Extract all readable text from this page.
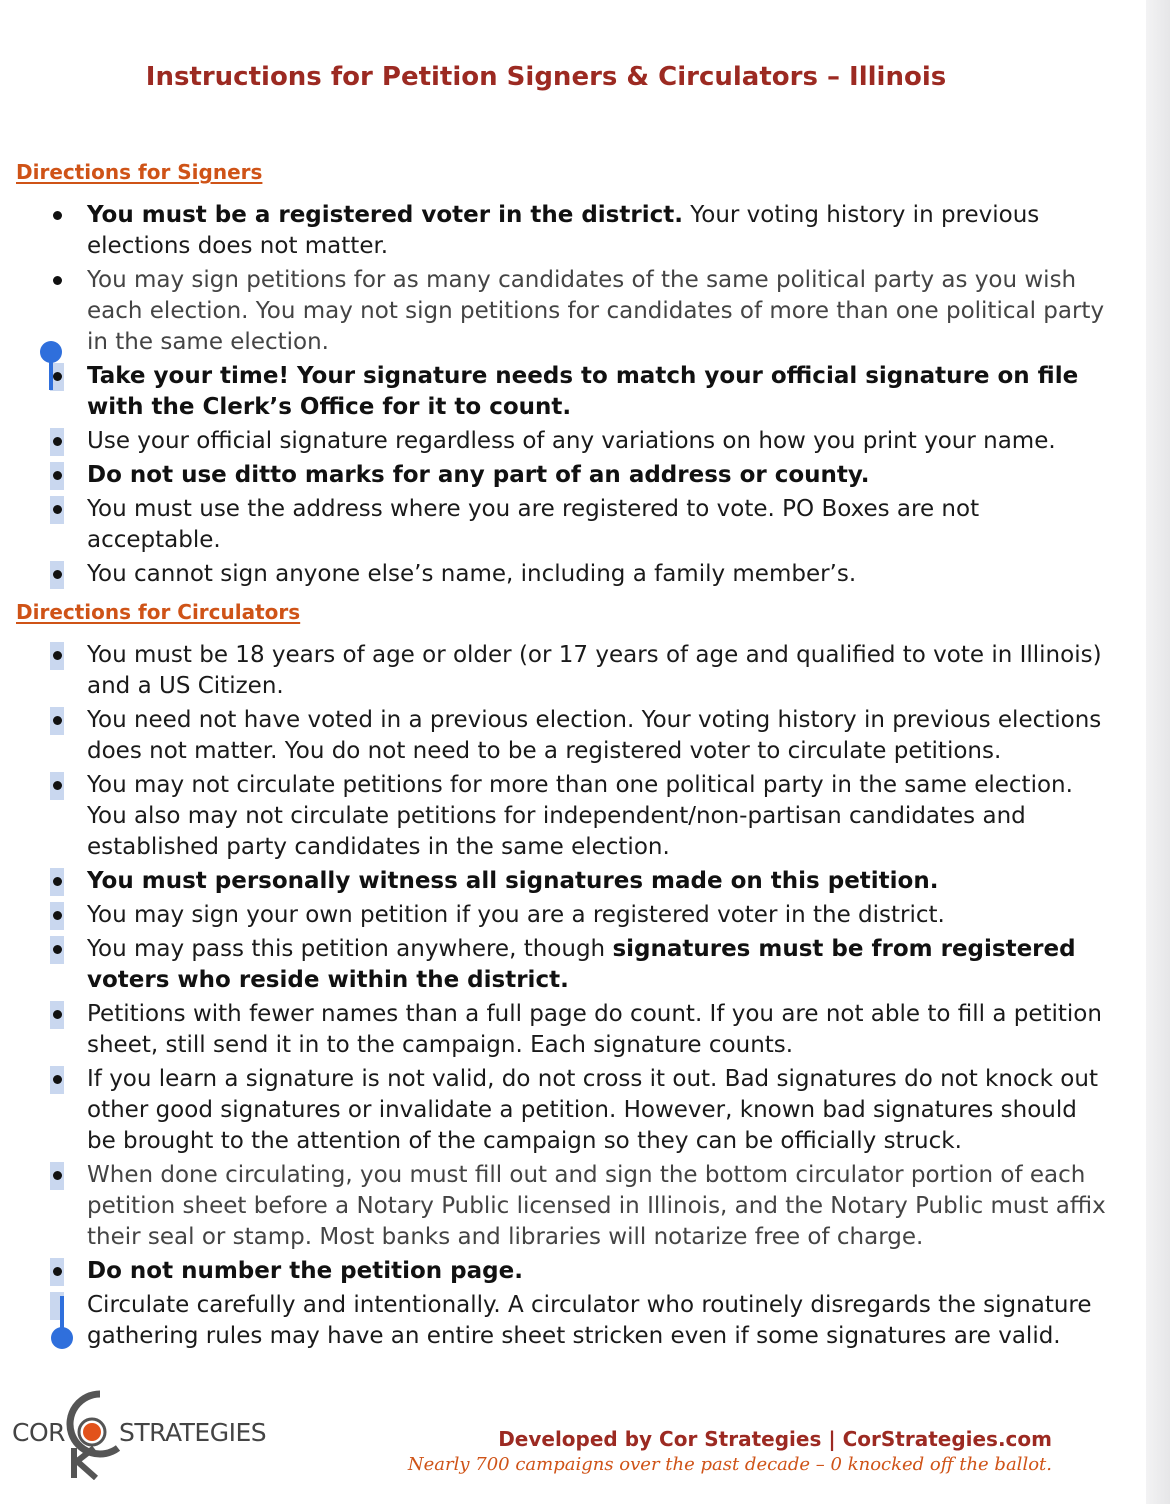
Instructions for Petition Signers & Circulators – Illinois
Directions for Signers
You must be a registered voter in the district. Your voting history in previous elections does not matter.
You may sign petitions for as many candidates of the same political party as you wish each election. You may not sign petitions for candidates of more than one political party in the same election.
Take your time! Your signature needs to match your official signature on file with the Clerk’s Office for it to count.
Use your official signature regardless of any variations on how you print your name.
Do not use ditto marks for any part of an address or county.
You must use the address where you are registered to vote. PO Boxes are not acceptable.
You cannot sign anyone else’s name, including a family member’s.
Directions for Circulators
You must be 18 years of age or older (or 17 years of age and qualified to vote in Illinois) and a US Citizen.
You need not have voted in a previous election. Your voting history in previous elections does not matter. You do not need to be a registered voter to circulate petitions.
You may not circulate petitions for more than one political party in the same election. You also may not circulate petitions for independent/non-partisan candidates and established party candidates in the same election.
You must personally witness all signatures made on this petition.
You may sign your own petition if you are a registered voter in the district.
You may pass this petition anywhere, though signatures must be from registered voters who reside within the district.
Petitions with fewer names than a full page do count. If you are not able to fill a petition sheet, still send it in to the campaign. Each signature counts.
If you learn a signature is not valid, do not cross it out. Bad signatures do not knock out other good signatures or invalidate a petition. However, known bad signatures should be brought to the attention of the campaign so they can be officially struck.
When done circulating, you must fill out and sign the bottom circulator portion of each petition sheet before a Notary Public licensed in Illinois, and the Notary Public must affix their seal or stamp. Most banks and libraries will notarize free of charge.
Do not number the petition page.
Circulate carefully and intentionally. A circulator who routinely disregards the signature gathering rules may have an entire sheet stricken even if some signatures are valid.
COR STRATEGIES	Developed by Cor Strategies | CorStrategies.com
Nearly 700 campaigns over the past decade – 0 knocked off the ballot.
